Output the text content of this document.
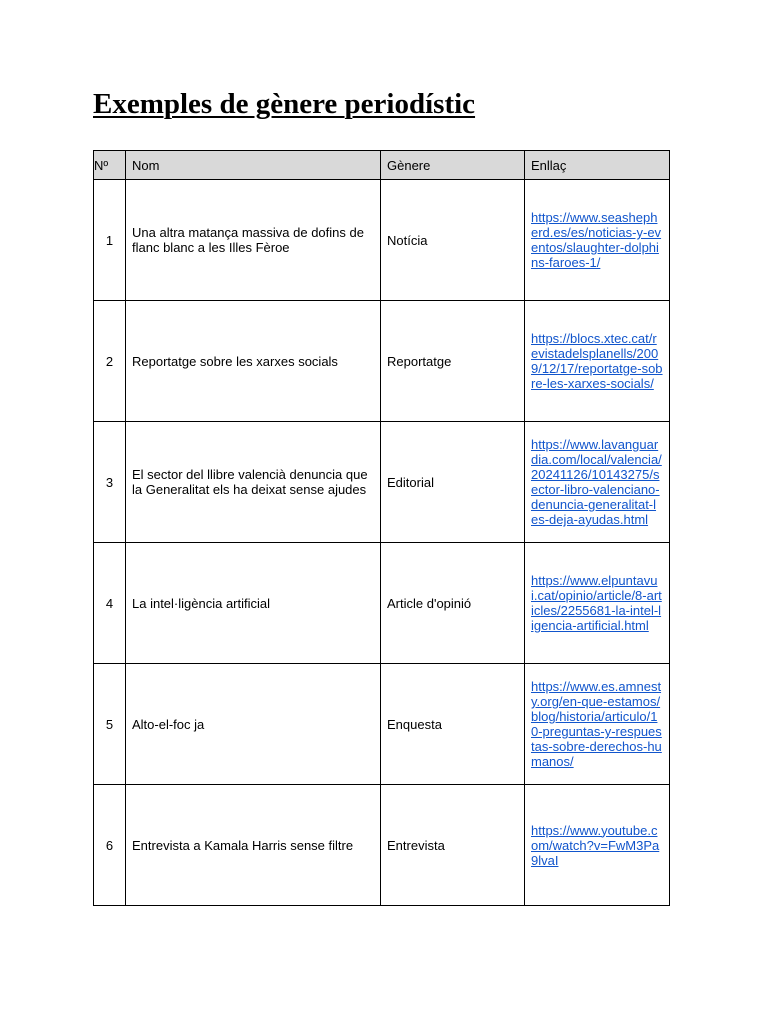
Exemples de gènere periodístic
Nº	Nom	Gènere	Enllaç
1	Una altra matança massiva de dofins de flanc blanc a les Illes Fèroe	Notícia	https://www.seashepherd.es/es/noticias-y-eventos/slaughter-dolphins-faroes-1/
2	Reportatge sobre les xarxes socials	Reportatge	https://blocs.xtec.cat/revistadelsplanells/2009/12/17/reportatge-sobre-les-xarxes-socials/
3	El sector del llibre valencià denuncia que la Generalitat els ha deixat sense ajudes	Editorial	https://www.lavanguardia.com/local/valencia/20241126/10143275/sector-libro-valenciano-denuncia-generalitat-les-deja-ayudas.html
4	La intel·ligència artificial	Article d'opinió	https://www.elpuntavui.cat/opinio/article/8-articles/2255681-la-intel-ligencia-artificial.html
5	Alto-el-foc ja	Enquesta	https://www.es.amnesty.org/en-que-estamos/blog/historia/articulo/10-preguntas-y-respuestas-sobre-derechos-humanos/
6	Entrevista a Kamala Harris sense filtre	Entrevista	https://www.youtube.com/watch?v=FwM3Pa9lvaI
